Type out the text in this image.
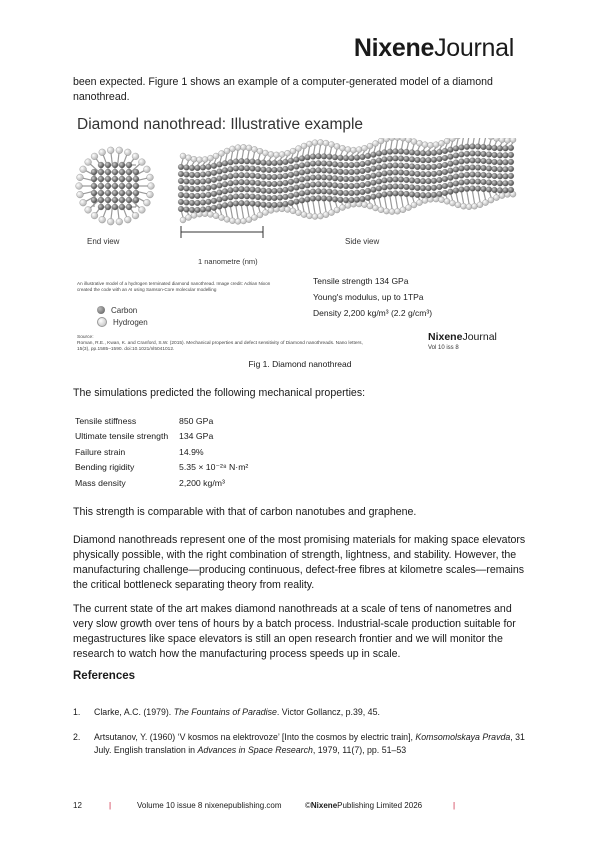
NixeneJournal
been expected. Figure 1 shows an example of a computer-generated model of a diamond nanothread.
Diamond nanothread: Illustrative example
End view	Side view
1 nanometre (nm)
An illustrative model of a hydrogen terminated diamond nanothread. Image credit: Adrian Nixon created the code with an AI using Samson-Core molecular modelling
Carbon
Hydrogen
Tensile strength 134 GPa
Young's modulus, up to 1TPa
Density 2,200 kg/m³ (2.2 g/cm³)
Source:
Roman, R.E., Kwan, K. and Cranford, S.W. (2015). Mechanical properties and defect sensitivity of Diamond nanothreads. Nano letters, 15(3), pp.1585–1590. doi:10.1021/nl5041012.
NixeneJournal
Vol 10 iss 8
Fig 1. Diamond nanothread
The simulations predicted the following mechanical properties:
Tensile stiffness	850 GPa
Ultimate tensile strength	134 GPa
Failure strain	14.9%
Bending rigidity	5.35 × 10⁻²⁸ N·m²
Mass density	2,200 kg/m³

This strength is comparable with that of carbon nanotubes and graphene.

Diamond nanothreads represent one of the most promising materials for making space elevators physically possible, with the right combination of strength, lightness, and stability. However, the manufacturing challenge—producing continuous, defect-free fibres at kilometre scales—remains the critical bottleneck separating theory from reality.

The current state of the art makes diamond nanothreads at a scale of tens of nanometres and very slow growth over tens of hours by a batch process. Industrial-scale production suitable for megastructures like space elevators is still an open research frontier and we will monitor the research to watch how the manufacturing process speeds up in scale.

References
1. Clarke, A.C. (1979). The Fountains of Paradise. Victor Gollancz, p.39, 45.
2. Artsutanov, Y. (1960) ‘V kosmos na elektrovoze’ [Into the cosmos by electric train], Komsomolskaya Pravda, 31 July. English translation in Advances in Space Research, 1979, 11(7), pp. 51–53
12	|	Volume 10 issue 8 nixenepublishing.com	©NixenePublishing Limited 2026	|
